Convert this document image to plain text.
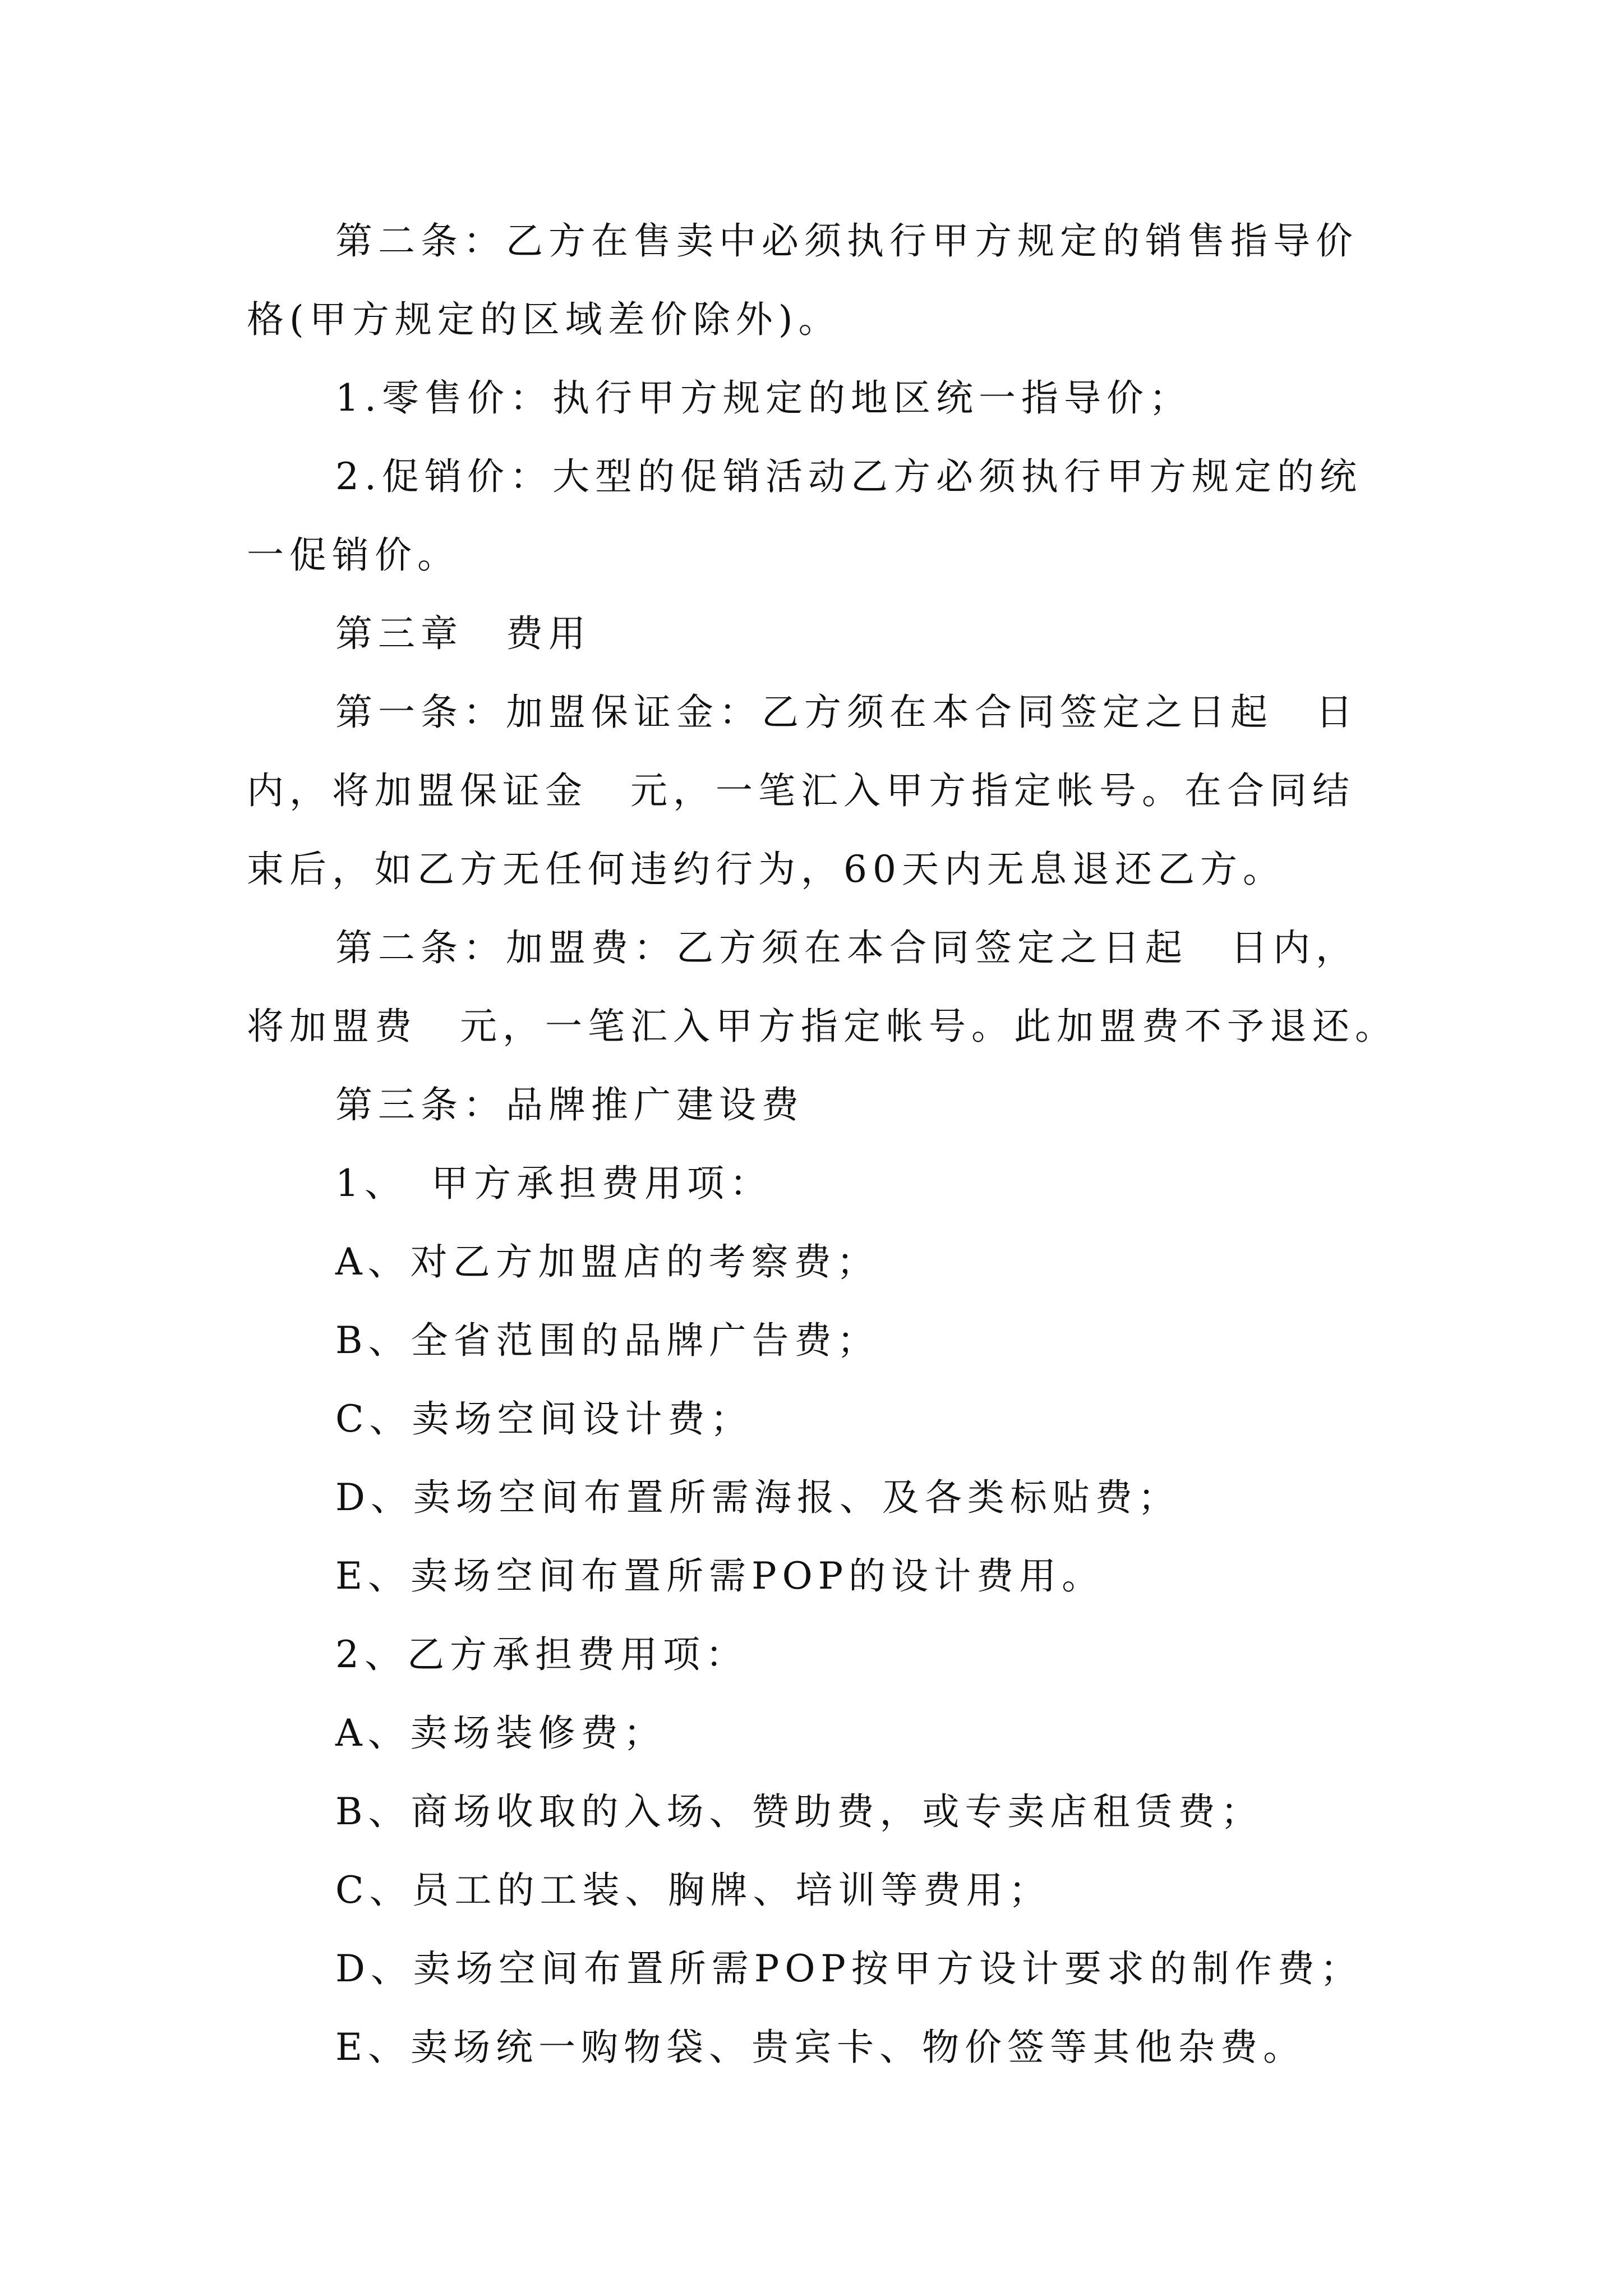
第二条：乙方在售卖中必须执行甲方规定的销售指导价
格(甲方规定的区域差价除外)。
1.零售价：执行甲方规定的地区统一指导价；
2.促销价：大型的促销活动乙方必须执行甲方规定的统
一促销价。
第三章　费用
第一条：加盟保证金：乙方须在本合同签定之日起　日
内，将加盟保证金　元，一笔汇入甲方指定帐号。在合同结
束后，如乙方无任何违约行为，60天内无息退还乙方。
第二条：加盟费：乙方须在本合同签定之日起　日内，
将加盟费　元，一笔汇入甲方指定帐号。此加盟费不予退还。
第三条：品牌推广建设费
1、　甲方承担费用项：
A、对乙方加盟店的考察费；
B、全省范围的品牌广告费；
C、卖场空间设计费；
D、卖场空间布置所需海报、及各类标贴费；
E、卖场空间布置所需POP的设计费用。
2、乙方承担费用项：
A、卖场装修费；
B、商场收取的入场、赞助费，或专卖店租赁费；
C、员工的工装、胸牌、培训等费用；
D、卖场空间布置所需POP按甲方设计要求的制作费；
E、卖场统一购物袋、贵宾卡、物价签等其他杂费。
